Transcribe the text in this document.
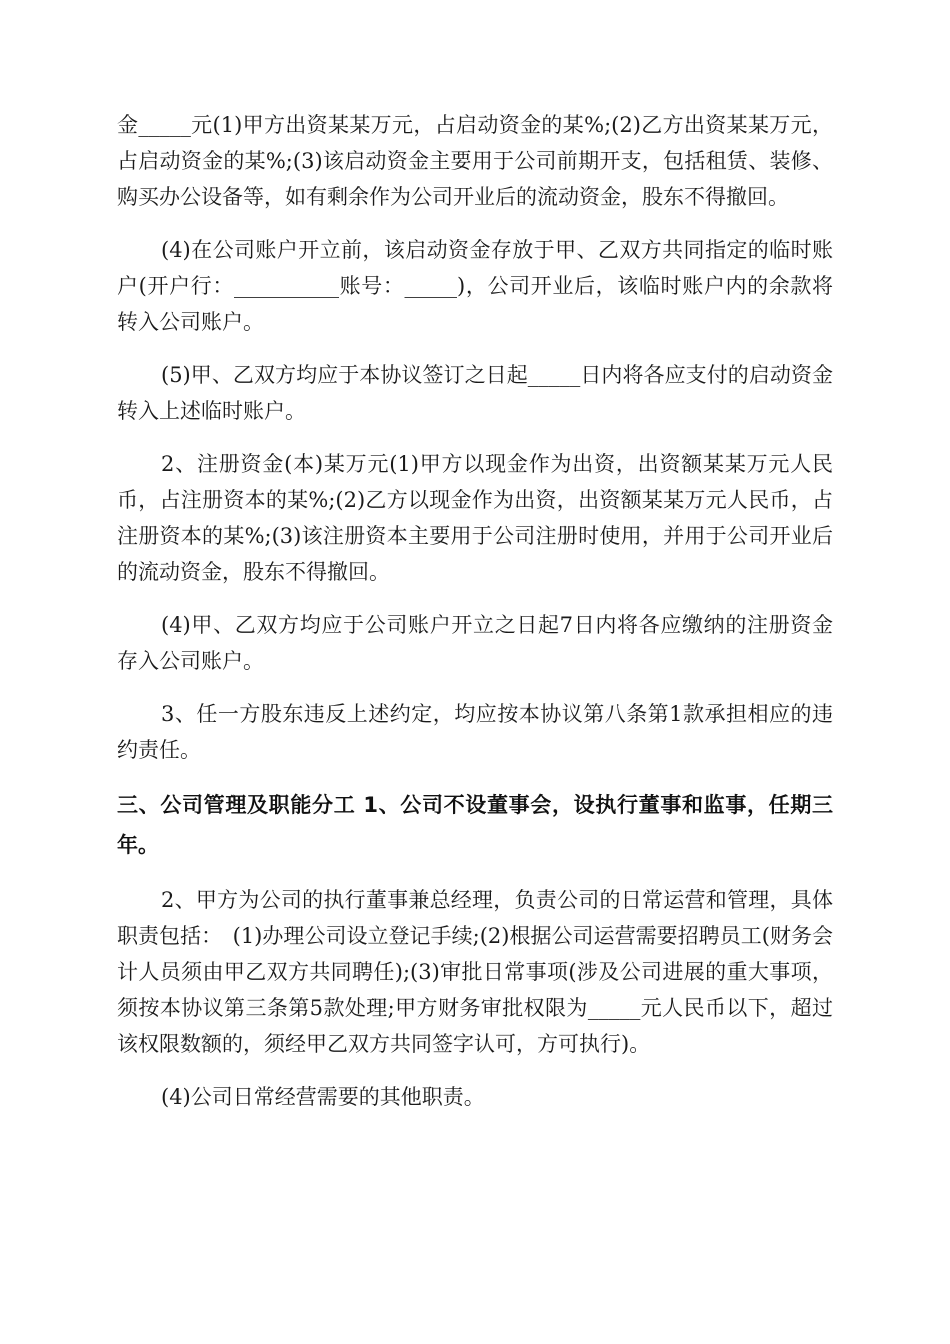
金_____元(1)甲方出资某某万元，占启动资金的某%;(2)乙方出资某某万元，占启动资金的某%;(3)该启动资金主要用于公司前期开支，包括租赁、装修、购买办公设备等，如有剩余作为公司开业后的流动资金，股东不得撤回。

(4)在公司账户开立前，该启动资金存放于甲、乙双方共同指定的临时账户(开户行：__________账号：_____)，公司开业后，该临时账户内的余款将转入公司账户。

(5)甲、乙双方均应于本协议签订之日起_____日内将各应支付的启动资金转入上述临时账户。

2、注册资金(本)某万元(1)甲方以现金作为出资，出资额某某万元人民币，占注册资本的某%;(2)乙方以现金作为出资，出资额某某万元人民币，占注册资本的某%;(3)该注册资本主要用于公司注册时使用，并用于公司开业后的流动资金，股东不得撤回。

(4)甲、乙双方均应于公司账户开立之日起7日内将各应缴纳的注册资金存入公司账户。

3、任一方股东违反上述约定，均应按本协议第八条第1款承担相应的违约责任。

三、公司管理及职能分工 1、公司不设董事会，设执行董事和监事，任期三年。

2、甲方为公司的执行董事兼总经理，负责公司的日常运营和管理，具体职责包括：　(1)办理公司设立登记手续;(2)根据公司运营需要招聘员工(财务会计人员须由甲乙双方共同聘任);(3)审批日常事项(涉及公司进展的重大事项，须按本协议第三条第5款处理;甲方财务审批权限为_____元人民币以下，超过该权限数额的，须经甲乙双方共同签字认可，方可执行)。

(4)公司日常经营需要的其他职责。
